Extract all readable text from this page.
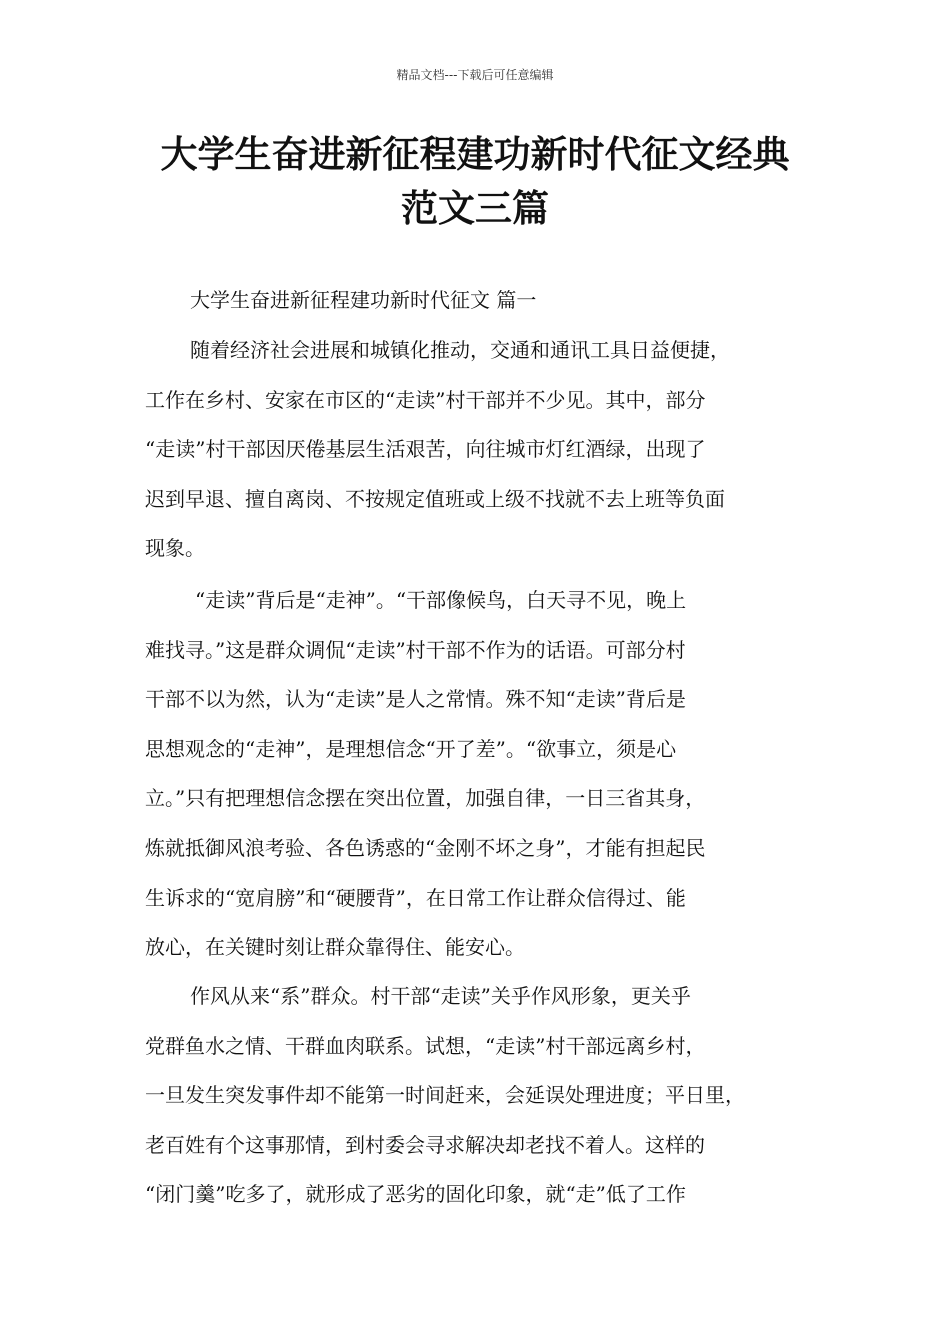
精品文档---下载后可任意编辑
大学生奋进新征程建功新时代征文经典
范文三篇
大学生奋进新征程建功新时代征文 篇一
随着经济社会进展和城镇化推动，交通和通讯工具日益便捷，
工作在乡村、安家在市区的“走读”村干部并不少见。其中，部分
“走读”村干部因厌倦基层生活艰苦，向往城市灯红酒绿，出现了
迟到早退、擅自离岗、不按规定值班或上级不找就不去上班等负面
现象。
“走读”背后是“走神”。“干部像候鸟，白天寻不见，晚上
难找寻。”这是群众调侃“走读”村干部不作为的话语。可部分村
干部不以为然，认为“走读”是人之常情。殊不知“走读”背后是
思想观念的“走神”，是理想信念“开了差”。“欲事立，须是心
立。”只有把理想信念摆在突出位置，加强自律，一日三省其身，
炼就抵御风浪考验、各色诱惑的“金刚不坏之身”，才能有担起民
生诉求的“宽肩膀”和“硬腰背”，在日常工作让群众信得过、能
放心，在关键时刻让群众靠得住、能安心。
作风从来“系”群众。村干部“走读”关乎作风形象，更关乎
党群鱼水之情、干群血肉联系。试想，“走读”村干部远离乡村，
一旦发生突发事件却不能第一时间赶来，会延误处理进度；平日里，
老百姓有个这事那情，到村委会寻求解决却老找不着人。这样的
“闭门羹”吃多了，就形成了恶劣的固化印象，就“走”低了工作
